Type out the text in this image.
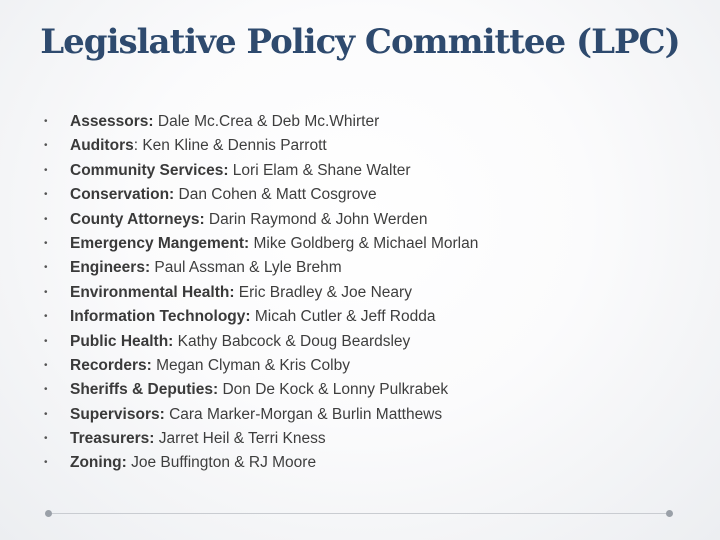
Legislative Policy Committee (LPC)
• Assessors: Dale Mc.Crea & Deb Mc.Whirter
• Auditors: Ken Kline & Dennis Parrott
• Community Services: Lori Elam & Shane Walter
• Conservation: Dan Cohen & Matt Cosgrove
• County Attorneys: Darin Raymond & John Werden
• Emergency Mangement: Mike Goldberg & Michael Morlan
• Engineers: Paul Assman & Lyle Brehm
• Environmental Health: Eric Bradley & Joe Neary
• Information Technology: Micah Cutler & Jeff Rodda
• Public Health: Kathy Babcock & Doug Beardsley
• Recorders: Megan Clyman & Kris Colby
• Sheriffs & Deputies: Don De Kock & Lonny Pulkrabek
• Supervisors: Cara Marker-Morgan & Burlin Matthews
• Treasurers: Jarret Heil & Terri Kness
• Zoning: Joe Buffington & RJ Moore
